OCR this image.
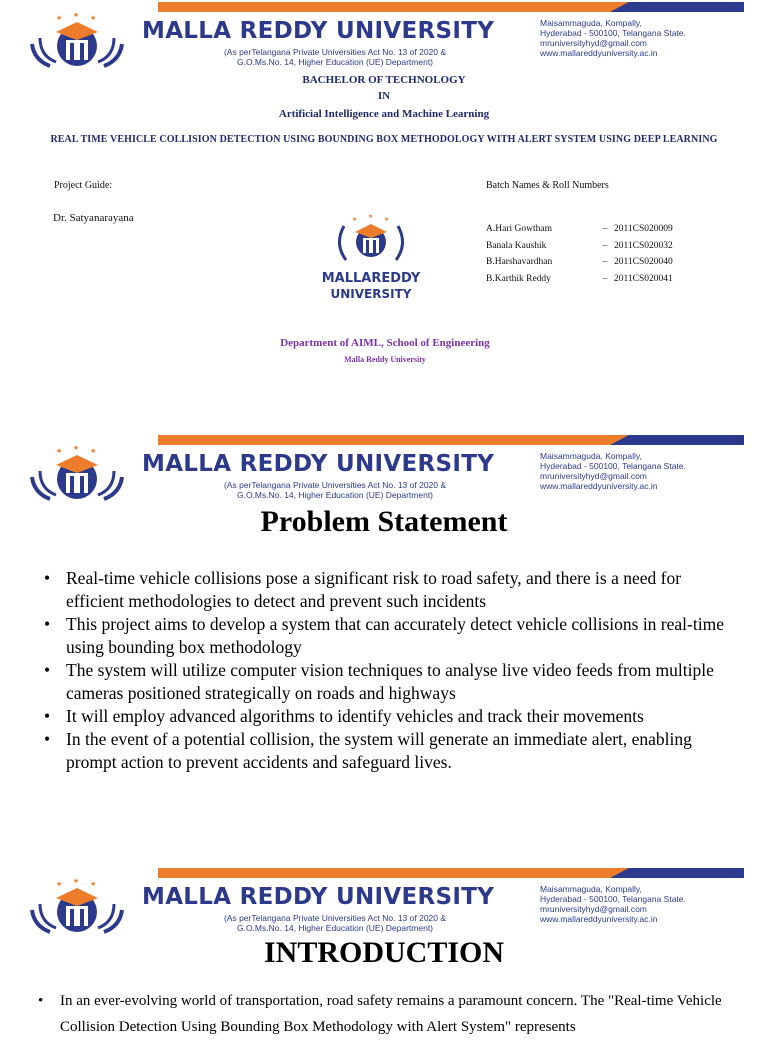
★ ★ ★ MALLA REDDY UNIVERSITY
(As perTelangana Private Universities Act No. 13 of 2020 &
G.O.Ms.No. 14, Higher Education (UE) Department)
Maisammaguda, Kompally,
Hyderabad - 500100, Telangana State.
mruniversityhyd@gmail.com
www.mallareddyuniversity.ac.in
BACHELOR OF TECHNOLOGY
IN
Artificial Intelligence and Machine Learning
REAL TIME VEHICLE COLLISION DETECTION USING BOUNDING BOX METHODOLOGY WITH ALERT SYSTEM USING DEEP LEARNING
Project Guide:
Dr. Satyanarayana
Batch Names & Roll Numbers
A.Hari Gowtham	– 2011CS020009
Banala Kaushik	– 2011CS020032
B.Harshavardhan	– 2011CS020040
B.Karthik Reddy	– 2011CS020041
★ ★ ★
MALLAREDDY
UNIVERSITY
Department of AIML, School of Engineering
Malla Reddy University
★ ★ ★ MALLA REDDY UNIVERSITY
(As perTelangana Private Universities Act No. 13 of 2020 &
G.O.Ms.No. 14, Higher Education (UE) Department)
Maisammaguda, Kompally,
Hyderabad - 500100, Telangana State.
mruniversityhyd@gmail.com
www.mallareddyuniversity.ac.in
Problem Statement
• Real-time vehicle collisions pose a significant risk to road safety, and there is a need for efficient methodologies to detect and prevent such incidents
• This project aims to develop a system that can accurately detect vehicle collisions in real-time using bounding box methodology
• The system will utilize computer vision techniques to analyse live video feeds from multiple cameras positioned strategically on roads and highways
• It will employ advanced algorithms to identify vehicles and track their movements
• In the event of a potential collision, the system will generate an immediate alert, enabling prompt action to prevent accidents and safeguard lives.
★ ★ ★ MALLA REDDY UNIVERSITY
(As perTelangana Private Universities Act No. 13 of 2020 &
G.O.Ms.No. 14, Higher Education (UE) Department)
Maisammaguda, Kompally,
Hyderabad - 500100, Telangana State.
mruniversityhyd@gmail.com
www.mallareddyuniversity.ac.in
INTRODUCTION
• In an ever-evolving world of transportation, road safety remains a paramount concern. The "Real-time Vehicle Collision Detection Using Bounding Box Methodology with Alert System" represents
